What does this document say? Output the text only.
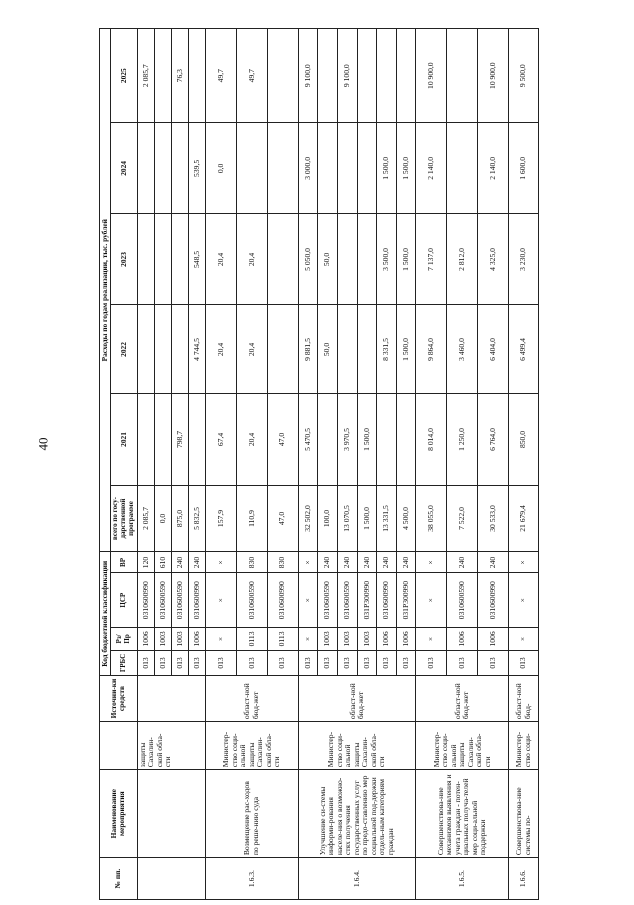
40
№ пп.	Наименование мероприятия		Источни-ки средств	Код бюджетной классификации				Расходы по годам реализации, тыс. рублей					
				ГРБС	Рз/ Пр	ЦСР	ВР	всего по госу-дарственной программе	2021	2022	2023	2024	2025
		защиты Сахалин-ской обла-сти		013	1006	0310600990	120	2 085,7					2 085,7
				013	1003	0310600590	610	0,0					
				013	1003	0310600590	240	875,0	798,7				76,3
				013	1006	0310600990	240	5 832,5		4 744,5	548,5	539,5	
1.6.3.	Возмещение рас-ходов по реше-нию суда	Министер-ство соци-альной защиты Сахалин-ской обла-сти	област-ной бюд-жет	013	×	×	×	157,9	67,4	20,4	20,4	0,0	49,7
				013	0113	0310600590	830	110,9	20,4	20,4	20,4		49,7
				013	0113	0310600990	830	47,0	47,0				
1.6.4.	Улучшение си-стемы информи-рования населе-ния о возможно-стях получения государственных услуг по предо-ставлению мер социальной под-держки отдель-ным категориям граждан	Министер-ство соци-альной защиты Сахалин-ской обла-сти	област-ной бюд-жет	013	×	×	×	32 502,0	5 470,5	9 881,5	5 050,0	3 000,0	9 100,0
				013	1003	0310600590	240	100,0		50,0	50,0		
				013	1003	0310600590	240	13 070,5	3 970,5				9 100,0
				013	1003	031P300990	240	1 500,0	1 500,0				
				013	1006	0310600990	240	13 331,5		8 331,5	3 500,0	1 500,0	
				013	1006	031P300990	240	4 500,0		1 500,0	1 500,0	1 500,0	
1.6.5.	Совершенствова-ние механизмов выявления и учета граждан - потен-циальных получа-телей мер соци-альной поддержки	Министер-ство соци-альной защиты Сахалин-ской обла-сти	област-ной бюд-жет	013	×	×	×	38 055,0	8 014,0	9 864,0	7 137,0	2 140,0	10 900,0
				013	1006	0310600590	240	7 522,0	1 250,0	3 460,0	2 812,0		
				013	1006	0310600990	240	30 533,0	6 764,0	6 404,0	4 325,0	2 140,0	10 900,0
1.6.6.	Совершенствова-ние системы по-	Министер-ство соци-	област-ной бюд-	013	×	×	×	21 679,4	850,0	6 499,4	3 230,0	1 600,0	9 500,0
